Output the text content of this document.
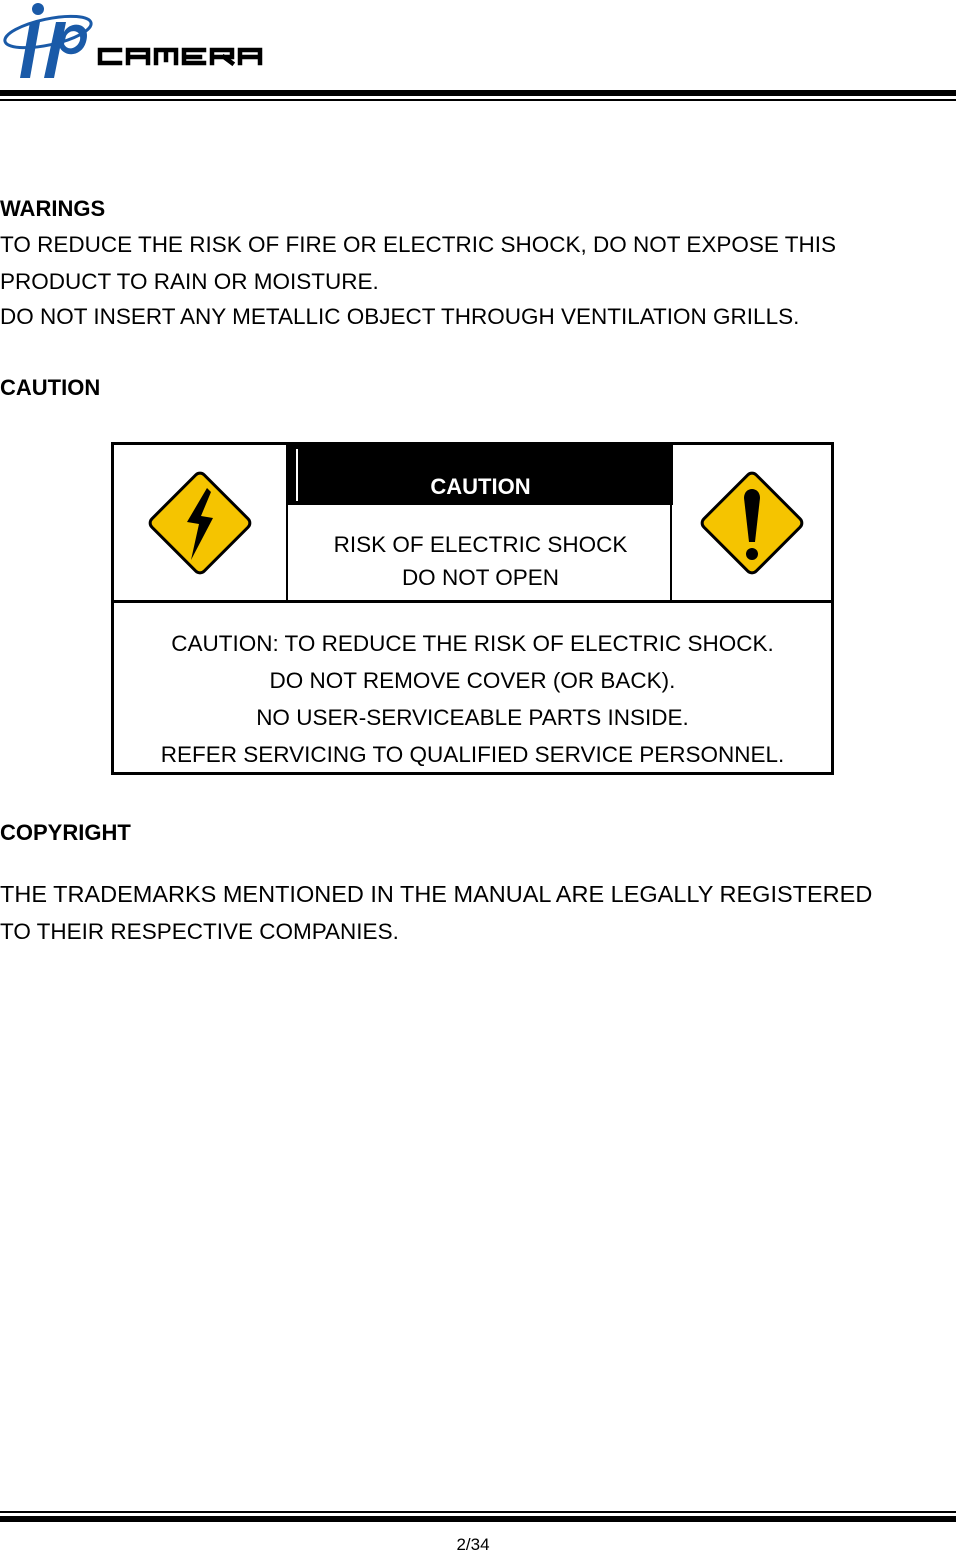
WARINGS
TO REDUCE THE RISK OF FIRE OR ELECTRIC SHOCK, DO NOT EXPOSE THIS
PRODUCT TO RAIN OR MOISTURE.
DO NOT INSERT ANY METALLIC OBJECT THROUGH VENTILATION GRILLS.
CAUTION
CAUTION
RISK OF ELECTRIC SHOCK
DO NOT OPEN
CAUTION: TO REDUCE THE RISK OF ELECTRIC SHOCK.
DO NOT REMOVE COVER (OR BACK).
NO USER-SERVICEABLE PARTS INSIDE.
REFER SERVICING TO QUALIFIED SERVICE PERSONNEL.
COPYRIGHT
THE TRADEMARKS MENTIONED IN THE MANUAL ARE LEGALLY REGISTERED
TO THEIR RESPECTIVE COMPANIES.
2/34
